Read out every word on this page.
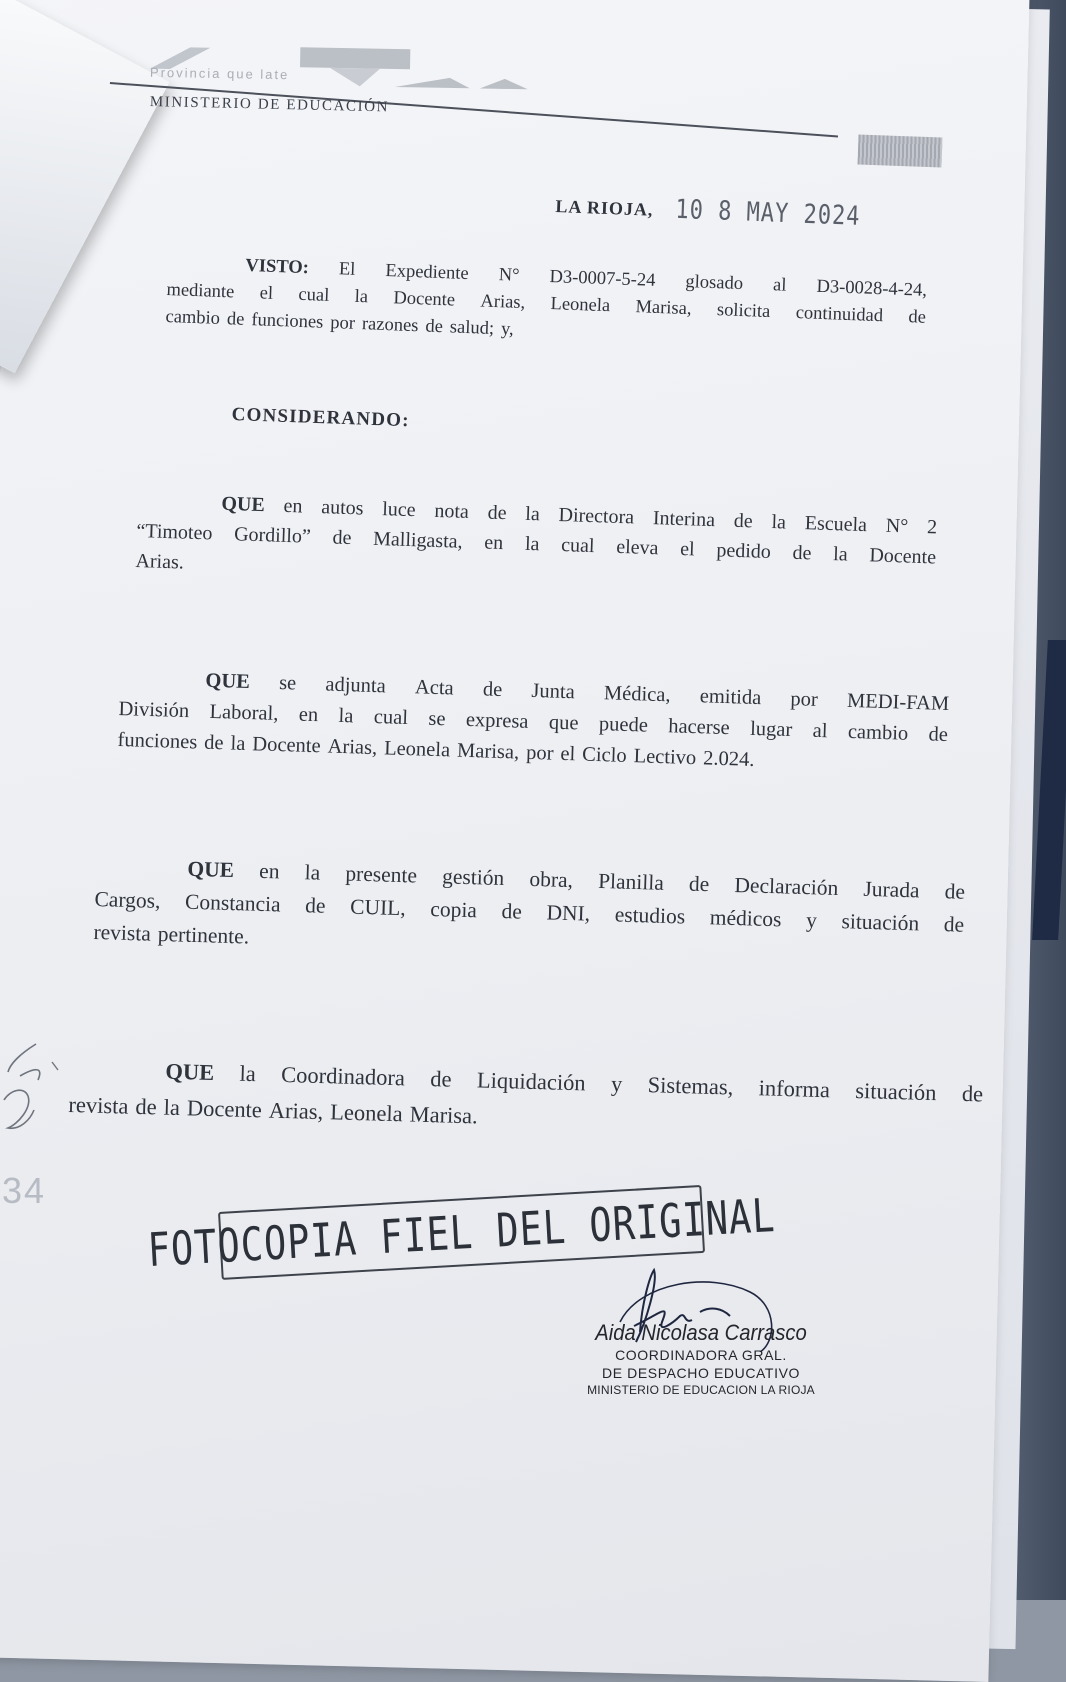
Provincia que late
MINISTERIO DE EDUCACIÓN
LA RIOJA, 10 8 MAY 2024
VISTO: El Expediente N° D3-0007-5-24 glosado al D3-0028-4-24,
mediante el cual la Docente Arias, Leonela Marisa, solicita continuidad de
cambio de funciones por razones de salud; y,
CONSIDERANDO:
QUE en autos luce nota de la Directora Interina de la Escuela N° 2
“Timoteo Gordillo” de Malligasta, en la cual eleva el pedido de la Docente
Arias.
QUE se adjunta Acta de Junta Médica, emitida por MEDI-FAM
División Laboral, en la cual se expresa que puede hacerse lugar al cambio de
funciones de la Docente Arias, Leonela Marisa, por el Ciclo Lectivo 2.024.
QUE en la presente gestión obra, Planilla de Declaración Jurada de
Cargos, Constancia de CUIL, copia de DNI, estudios médicos y situación de
revista pertinente.
QUE la Coordinadora de Liquidación y Sistemas, informa situación de
revista de la Docente Arias, Leonela Marisa.
34	FOTOCOPIA FIEL DEL ORIGINAL
Aida Nicolasa Carrasco
COORDINADORA GRAL.
DE DESPACHO EDUCATIVO
MINISTERIO DE EDUCACION LA RIOJA
